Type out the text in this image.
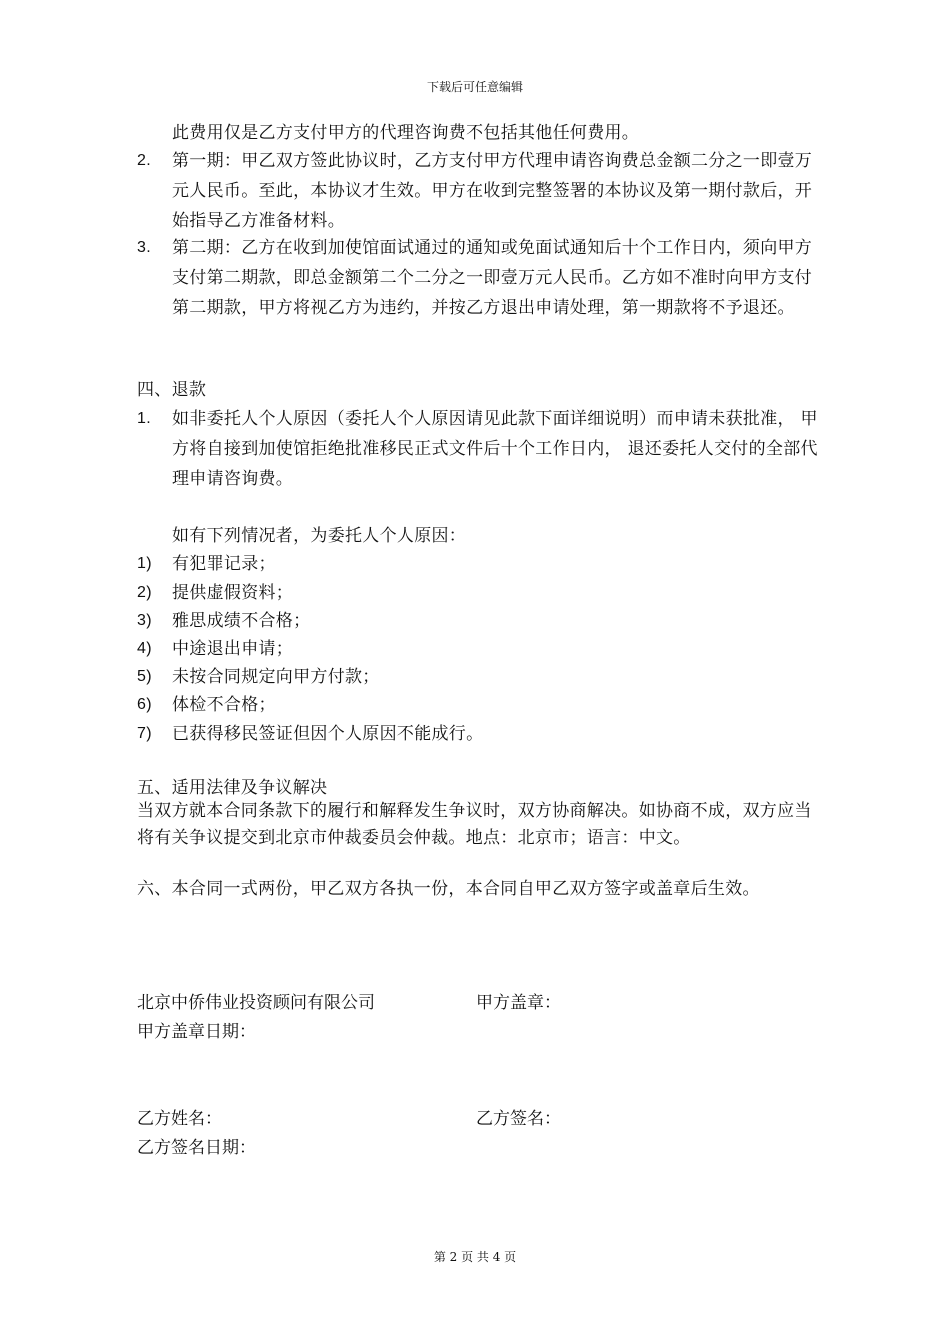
下载后可任意编辑
此费用仅是乙方支付甲方的代理咨询费不包括其他任何费用。
2. 第一期：甲乙双方签此协议时，乙方支付甲方代理申请咨询费总金额二分之一即壹万元人民币。至此，本协议才生效。甲方在收到完整签署的本协议及第一期付款后，开始指导乙方准备材料。
3. 第二期：乙方在收到加使馆面试通过的通知或免面试通知后十个工作日内，须向甲方支付第二期款，即总金额第二个二分之一即壹万元人民币。乙方如不准时向甲方支付第二期款，甲方将视乙方为违约，并按乙方退出申请处理，第一期款将不予退还。
四、退款
1. 如非委托人个人原因（委托人个人原因请见此款下面详细说明）而申请未获批准， 甲方将自接到加使馆拒绝批准移民正式文件后十个工作日内， 退还委托人交付的全部代理申请咨询费。
如有下列情况者，为委托人个人原因：
1) 有犯罪记录；
2) 提供虚假资料；
3) 雅思成绩不合格；
4) 中途退出申请；
5) 未按合同规定向甲方付款；
6) 体检不合格；
7) 已获得移民签证但因个人原因不能成行。
五、适用法律及争议解决
当双方就本合同条款下的履行和解释发生争议时，双方协商解决。如协商不成，双方应当将有关争议提交到北京市仲裁委员会仲裁。地点：北京市；语言：中文。
六、本合同一式两份，甲乙双方各执一份，本合同自甲乙双方签字或盖章后生效。
北京中侨伟业投资顾问有限公司	甲方盖章：
甲方盖章日期：
乙方姓名：	乙方签名：
乙方签名日期：
第 2 页 共 4 页
